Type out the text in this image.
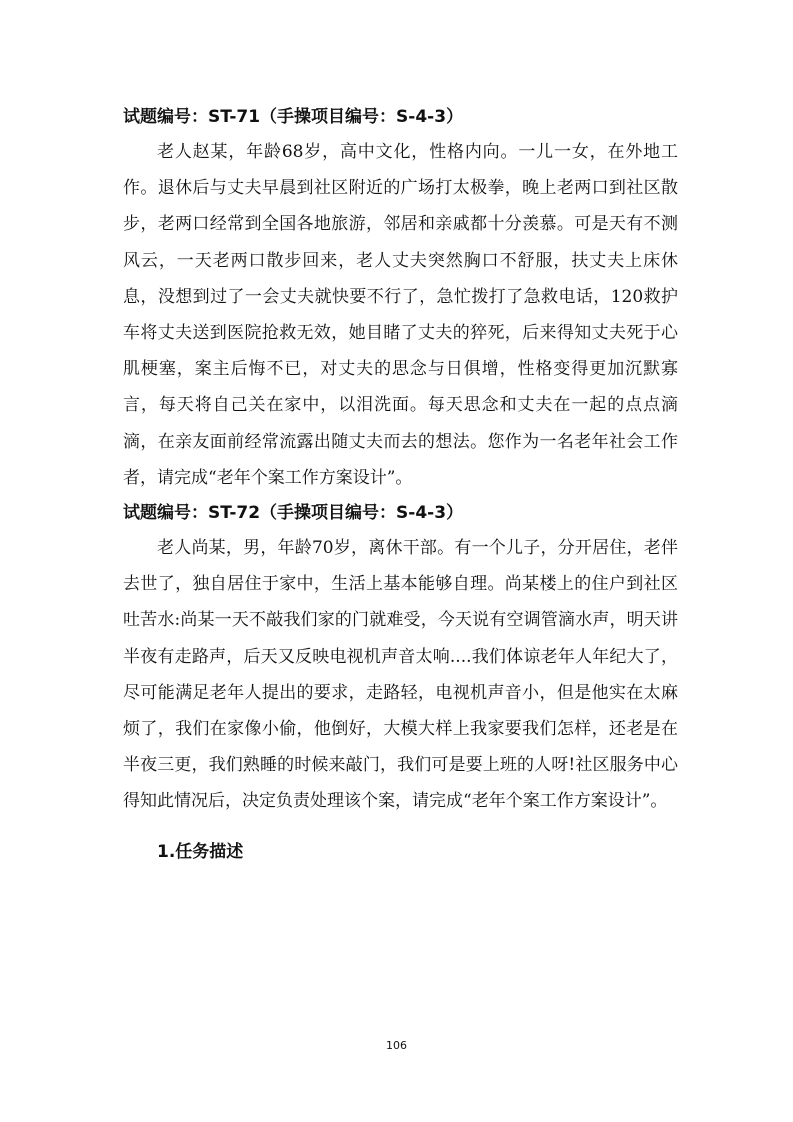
试题编号：ST-71（手操项目编号：S-4-3）

老人赵某，年龄68岁，高中文化，性格内向。一儿一女，在外地工作。退休后与丈夫早晨到社区附近的广场打太极拳，晚上老两口到社区散步，老两口经常到全国各地旅游，邻居和亲戚都十分羡慕。可是天有不测风云，一天老两口散步回来，老人丈夫突然胸口不舒服，扶丈夫上床休息，没想到过了一会丈夫就快要不行了，急忙拨打了急救电话，120救护车将丈夫送到医院抢救无效，她目睹了丈夫的猝死，后来得知丈夫死于心肌梗塞，案主后悔不已，对丈夫的思念与日俱增，性格变得更加沉默寡言，每天将自己关在家中，以泪洗面。每天思念和丈夫在一起的点点滴滴，在亲友面前经常流露出随丈夫而去的想法。您作为一名老年社会工作者，请完成“老年个案工作方案设计”。

试题编号：ST-72（手操项目编号：S-4-3）

老人尚某，男，年龄70岁，离休干部。有一个儿子，分开居住，老伴去世了，独自居住于家中，生活上基本能够自理。尚某楼上的住户到社区吐苦水:尚某一天不敲我们家的门就难受，今天说有空调管滴水声，明天讲半夜有走路声，后天又反映电视机声音太响....我们体谅老年人年纪大了，尽可能满足老年人提出的要求，走路轻，电视机声音小，但是他实在太麻烦了，我们在家像小偷，他倒好，大模大样上我家要我们怎样，还老是在半夜三更，我们熟睡的时候来敲门，我们可是要上班的人呀!社区服务中心得知此情况后，决定负责处理该个案，请完成“老年个案工作方案设计”。

1.任务描述
106
